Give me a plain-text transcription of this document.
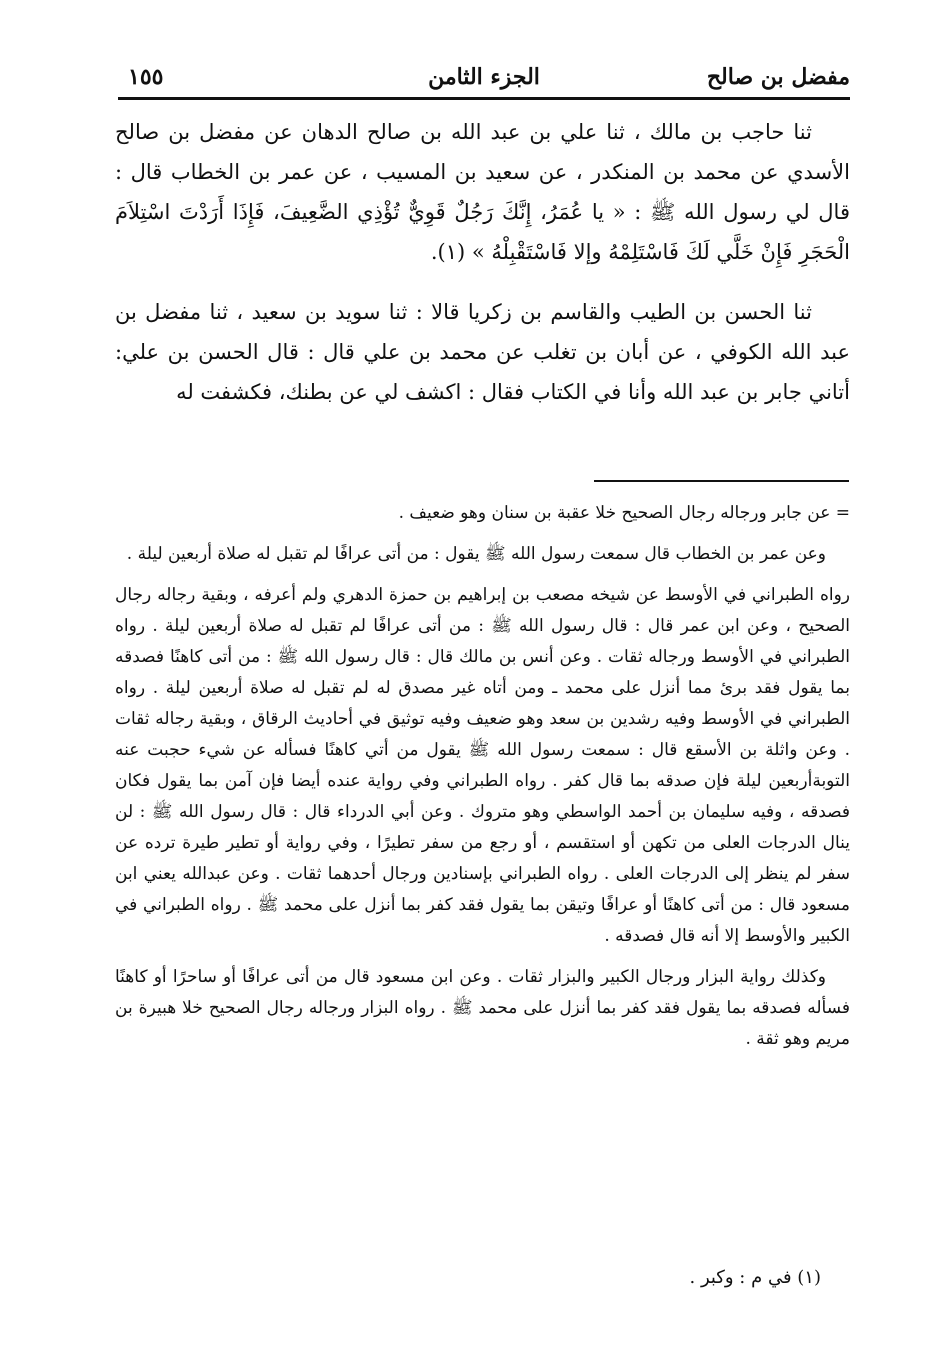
مفضل بن صالح
الجزء الثامن
١٥٥

ثنا حاجب بن مالك ، ثنا علي بن عبد الله بن صالح الدهان عن مفضل بن صالح الأسدي عن محمد بن المنكدر ، عن سعيد بن المسيب ، عن عمر بن الخطاب قال : قال لي رسول الله ﷺ : « يا عُمَرُ، إِنَّكَ رَجُلٌ قَوِيٌّ تُؤْذِي الضَّعِيفَ، فَإِذَا أَرَدْتَ اسْتِلاَمَ الْحَجَرِ فَإِنْ خَلَّي لَكَ فَاسْتَلِمْهُ وإلا فَاسْتَقْبِلْهُ » (١).

ثنا الحسن بن الطيب والقاسم بن زكريا قالا : ثنا سويد بن سعيد ، ثنا مفضل بن عبد الله الكوفي ، عن أبان بن تغلب عن محمد بن علي قال : قال الحسن بن علي: أتاني جابر بن عبد الله وأنا في الكتاب فقال : اكشف لي عن بطنك، فكشفت له

= عن جابر ورجاله رجال الصحيح خلا عقبة بن سنان وهو ضعيف .

وعن عمر بن الخطاب قال سمعت رسول الله ﷺ يقول : من أتى عرافًا لم تقبل له صلاة أربعين ليلة .

رواه الطبراني في الأوسط عن شيخه مصعب بن إبراهيم بن حمزة الدهري ولم أعرفه ، وبقية رجاله رجال الصحيح ، وعن ابن عمر قال : قال رسول الله ﷺ : من أتى عرافًا لم تقبل له صلاة أربعين ليلة . رواه الطبراني في الأوسط ورجاله ثقات . وعن أنس بن مالك قال : قال رسول الله ﷺ : من أتى كاهنًا فصدقه بما يقول فقد برئ مما أنزل على محمد ـ ومن أتاه غير مصدق له لم تقبل له صلاة أربعين ليلة . رواه الطبراني في الأوسط وفيه رشدين بن سعد وهو ضعيف وفيه توثيق في أحاديث الرقاق ، وبقية رجاله ثقات . وعن واثلة بن الأسقع قال : سمعت رسول الله ﷺ يقول من أتي كاهنًا فسأله عن شيء حجبت عنه التوبةأربعين ليلة فإن صدقه بما قال كفر . رواه الطبراني وفي رواية عنده أيضا فإن آمن بما يقول فكان فصدقه ، وفيه سليمان بن أحمد الواسطي وهو متروك . وعن أبي الدرداء قال : قال رسول الله ﷺ : لن ينال الدرجات العلى من تكهن أو استقسم ، أو رجع من سفر تطيرًا ، وفي رواية أو تطير طيرة ترده عن سفر لم ينظر إلى الدرجات العلى . رواه الطبراني بإسنادين ورجال أحدهما ثقات . وعن عبدالله يعني ابن مسعود قال : من أتى كاهنًا أو عرافًا وتيقن بما يقول فقد كفر بما أنزل على محمد ﷺ . رواه الطبراني في الكبير والأوسط إلا أنه قال فصدقه .

وكذلك رواية البزار ورجال الكبير والبزار ثقات . وعن ابن مسعود قال من أتى عرافًا أو ساحرًا أو كاهنًا فسأله فصدقه بما يقول فقد كفر بما أنزل على محمد ﷺ . رواه البزار ورجاله رجال الصحيح خلا هبيرة بن مريم وهو ثقة .

(١) في م : وكبر .
